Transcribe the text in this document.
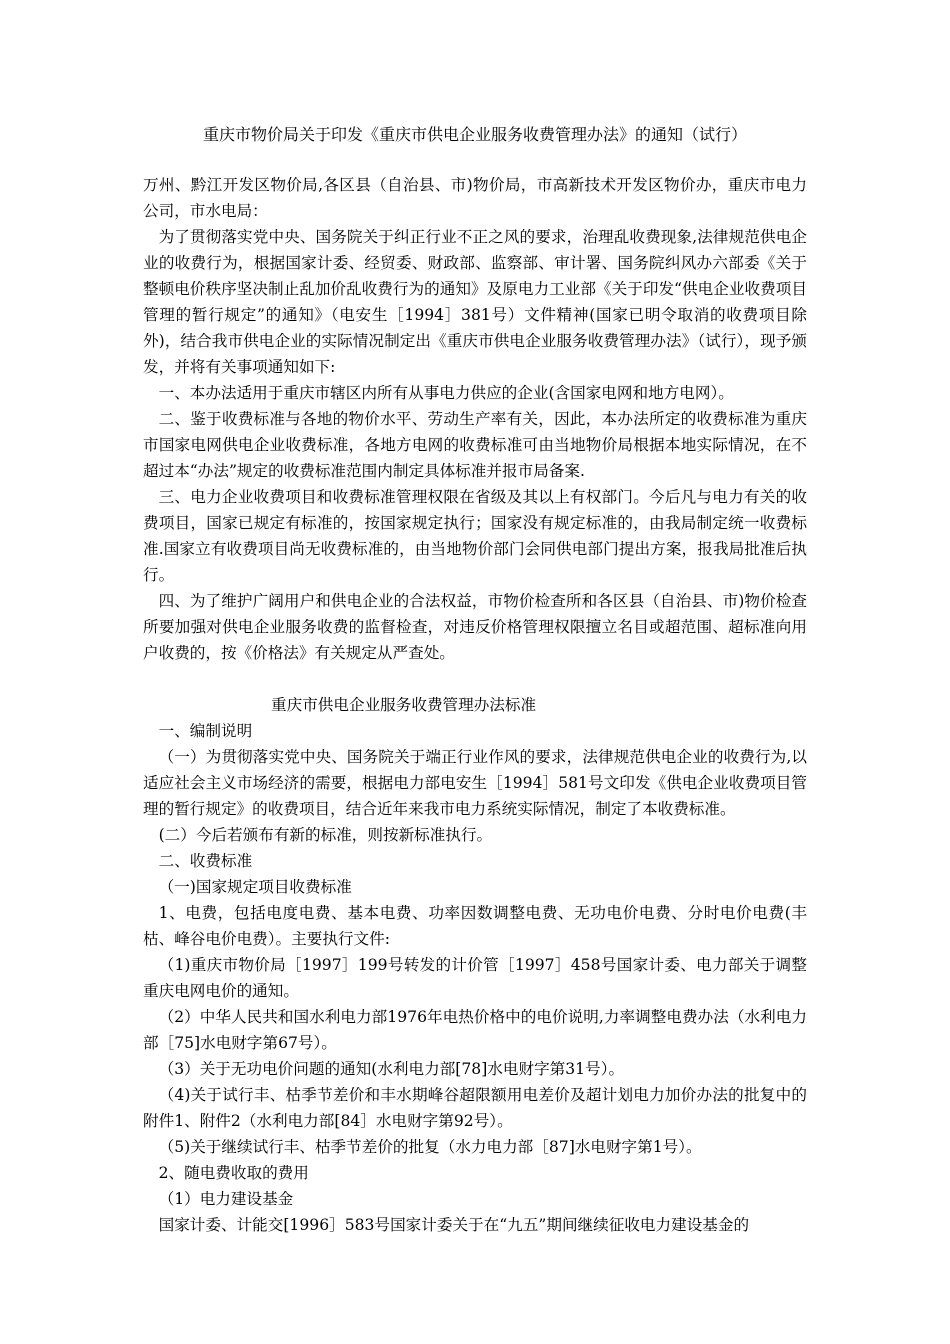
重庆市物价局关于印发《重庆市供电企业服务收费管理办法》的通知（试行）

万州、黔江开发区物价局,各区县（自治县、市)物价局，市高新技术开发区物价办，重庆市电力公司，市水电局：

为了贯彻落实党中央、国务院关于纠正行业不正之风的要求，治理乱收费现象,法律规范供电企业的收费行为，根据国家计委、经贸委、财政部、监察部、审计署、国务院纠风办六部委《关于整顿电价秩序坚决制止乱加价乱收费行为的通知》及原电力工业部《关于印发“供电企业收费项目管理的暂行规定”的通知》（电安生［1994］381号）文件精神(国家已明令取消的收费项目除外)，结合我市供电企业的实际情况制定出《重庆市供电企业服务收费管理办法》（试行），现予颁发，并将有关事项通知如下:

一、本办法适用于重庆市辖区内所有从事电力供应的企业(含国家电网和地方电网）。

二、鉴于收费标准与各地的物价水平、劳动生产率有关，因此，本办法所定的收费标准为重庆市国家电网供电企业收费标准，各地方电网的收费标准可由当地物价局根据本地实际情况，在不超过本“办法”规定的收费标准范围内制定具体标准并报市局备案.

三、电力企业收费项目和收费标准管理权限在省级及其以上有权部门。今后凡与电力有关的收费项目，国家已规定有标准的，按国家规定执行；国家没有规定标准的，由我局制定统一收费标准.国家立有收费项目尚无收费标准的，由当地物价部门会同供电部门提出方案，报我局批准后执行。

四、为了维护广阔用户和供电企业的合法权益，市物价检查所和各区县（自治县、市)物价检查所要加强对供电企业服务收费的监督检查，对违反价格管理权限擅立名目或超范围、超标准向用户收费的，按《价格法》有关规定从严查处。

重庆市供电企业服务收费管理办法标准

一、编制说明

（一）为贯彻落实党中央、国务院关于端正行业作风的要求，法律规范供电企业的收费行为,以适应社会主义市场经济的需要，根据电力部电安生［1994］581号文印发《供电企业收费项目管理的暂行规定》的收费项目，结合近年来我市电力系统实际情况，制定了本收费标准。

(二）今后若颁布有新的标准，则按新标准执行。

二、收费标准

（一)国家规定项目收费标准

1、电费，包括电度电费、基本电费、功率因数调整电费、无功电价电费、分时电价电费(丰枯、峰谷电价电费）。主要执行文件:

（1)重庆市物价局［1997］199号转发的计价管［1997］458号国家计委、电力部关于调整重庆电网电价的通知。

（2）中华人民共和国水利电力部1976年电热价格中的电价说明,力率调整电费办法（水利电力部［75]水电财字第67号）。

（3）关于无功电价问题的通知(水利电力部[78]水电财字第31号）。

（4)关于试行丰、枯季节差价和丰水期峰谷超限额用电差价及超计划电力加价办法的批复中的附件1、附件2（水利电力部[84］水电财字第92号）。

（5)关于继续试行丰、枯季节差价的批复（水力电力部［87]水电财字第1号）。

2、随电费收取的费用

（1）电力建设基金

国家计委、计能交[1996］583号国家计委关于在“九五”期间继续征收电力建设基金的
